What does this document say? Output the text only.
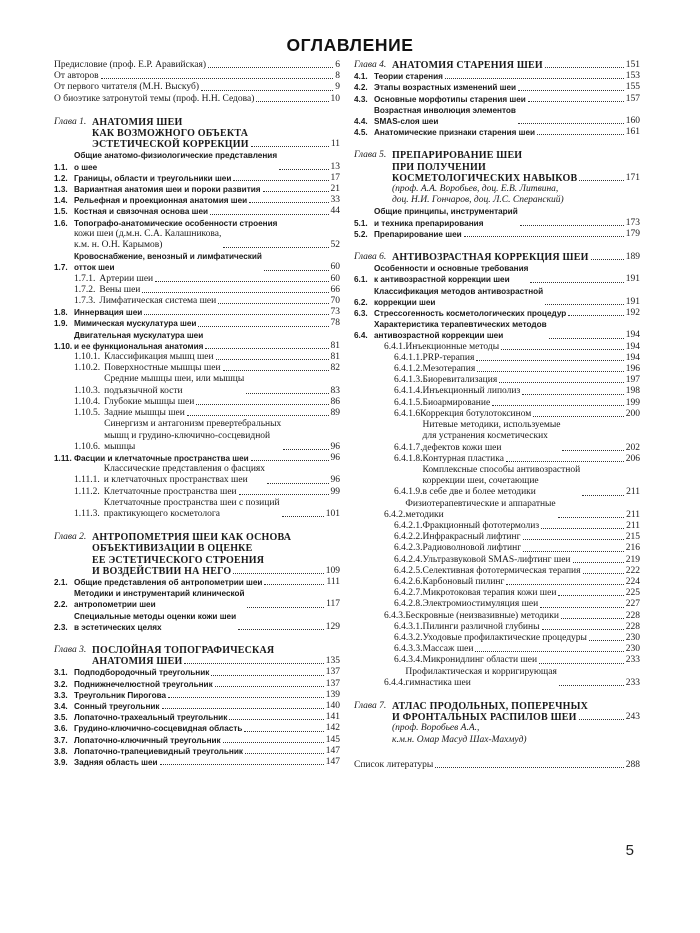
ОГЛАВЛЕНИЕ
Предисловие (проф. Е.Р. Аравийская)	6
От авторов	8
От первого читателя (М.Н. Выскуб)	9
О биоэтике затронутой темы (проф. Н.Н. Седова)	10
Глава 1. АНАТОМИЯ ШЕИ
КАК ВОЗМОЖНОГО ОБЪЕКТА
ЭСТЕТИЧЕСКОЙ КОРРЕКЦИИ	11
1.1.
Общие анатомо-физиологические представления
о шее	13
1.2. Границы, области и треугольники шеи	17
1.3. Вариантная анатомия шеи и пороки развития	21
1.4. Рельефная и проекционная анатомия шеи	33
1.5. Костная и связочная основа шеи	44
1.6. Топографо-анатомические особенности строения
кожи шеи (д.м.н. С.А. Калашникова,
к.м. н. О.Н. Карымов)	52
1.7.
Кровоснабжение, венозный и лимфатический
отток шеи	60
1.7.1. Артерии шеи	60
1.7.2. Вены шеи	66
1.7.3. Лимфатическая система шеи	70
1.8. Иннервация шеи	73
1.9. Мимическая мускулатура шеи	78
1.10.
Двигательная мускулатура шеи
и ее функциональная анатомия	81
1.10.1. Классификация мышц шеи	81
1.10.2. Поверхностные мышцы шеи	82
1.10.3.
Средние мышцы шеи, или мышцы
подъязычной кости	83
1.10.4. Глубокие мышцы шеи	86
1.10.5. Задние мышцы шеи	89
1.10.6.
Синергизм и антагонизм превертебральных
мышц и грудино-ключично-сосцевидной
мышцы	96
1.11. Фасции и клетчаточные пространства шеи	96
1.11.1.
Классические представления о фасциях
и клетчаточных пространствах шеи	96
1.11.2. Клетчаточные пространства шеи	99
1.11.3.
Клетчаточные пространства шеи с позиций
практикующего косметолога	101
Глава 2. АНТРОПОМЕТРИЯ ШЕИ КАК ОСНОВА
ОБЪЕКТИВИЗАЦИИ В ОЦЕНКЕ
ЕЕ ЭСТЕТИЧЕСКОГО СТРОЕНИЯ
И ВОЗДЕЙСТВИИ НА НЕГО	109
2.1. Общие представления об антропометрии шеи	111
2.2.
Методики и инструментарий клинической
антропометрии шеи	117
2.3.
Специальные методы оценки кожи шеи
в эстетических целях	129
Глава 3. ПОСЛОЙНАЯ ТОПОГРАФИЧЕСКАЯ
АНАТОМИЯ ШЕИ	135
3.1. Подподбородочный треугольник	137
3.2. Поднижнечелюстной треугольник	137
3.3. Треугольник Пирогова	139
3.4. Сонный треугольник	140
3.5. Лопаточно-трахеальный треугольник	141
3.6. Грудино-ключично-сосцевидная область	142
3.7. Лопаточно-ключичный треугольник	145
3.8. Лопаточно-трапециевидный треугольник	147
3.9. Задняя область шеи	147
Глава 4. АНАТОМИЯ СТАРЕНИЯ ШЕИ	151
4.1. Теории старения	153
4.2. Этапы возрастных изменений шеи	155
4.3. Основные морфотипы старения шеи	157
4.4.
Возрастная инволюция элементов
SMAS-слоя шеи	160
4.5. Анатомические признаки старения шеи	161
Глава 5. ПРЕПАРИРОВАНИЕ ШЕИ
ПРИ ПОЛУЧЕНИИ
КОСМЕТОЛОГИЧЕСКИХ НАВЫКОВ	171
(проф. А.А. Воробьев, доц. Е.В. Литвина,
доц. Н.И. Гончаров, доц. Л.С. Сперанский)
5.1.
Общие принципы, инструментарий
и техника препарирования	173
5.2. Препарирование шеи	179
Глава 6. АНТИВОЗРАСТНАЯ КОРРЕКЦИЯ ШЕИ	189
6.1.
Особенности и основные требования
к антивозрастной коррекции шеи	191
6.2.
Классификация методов антивозрастной
коррекции шеи	191
6.3. Стрессогенность косметологических процедур	192
6.4.
Характеристика терапевтических методов
антивозрастной коррекции шеи	194
6.4.1. Инъекционные методы	194
6.4.1.1. PRP-терапия	194
6.4.1.2. Мезотерапия	196
6.4.1.3. Биоревитализация	197
6.4.1.4. Инъекционный липолиз	198
6.4.1.5. Биоармирование	199
6.4.1.6 Коррекция ботулотоксином	200
6.4.1.7.
Нитевые методики, используемые
для устранения косметических
дефектов кожи шеи	202
6.4.1.8. Контурная пластика	206
6.4.1.9.
Комплексные способы антивозрастной
коррекции шеи, сочетающие
в себе две и более методики	211
6.4.2.
Физиотерапевтические и аппаратные
методики	211
6.4.2.1. Фракционный фототермолиз	211
6.4.2.2. Инфракрасный лифтинг	215
6.4.2.3. Радиоволновой лифтинг	216
6.4.2.4. Ультразвуковой SMAS-лифтинг шеи	219
6.4.2.5. Селективная фототермическая терапия	222
6.4.2.6. Карбоновый пилинг	224
6.4.2.7. Микротоковая терапия кожи шеи	225
6.4.2.8. Электромиостимуляция шеи	227
6.4.3. Бескровные (неизвазивные) методики	228
6.4.3.1. Пилинги различной глубины	228
6.4.3.2. Уходовые профилактические процедуры	230
6.4.3.3. Массаж шеи	230
6.4.3.4. Микронидлинг области шеи	233
6.4.4.
Профилактическая и корригирующая
гимнастика шеи	233
Глава 7. АТЛАС ПРОДОЛЬНЫХ, ПОПЕРЕЧНЫХ
И ФРОНТАЛЬНЫХ РАСПИЛОВ ШЕИ	243
(проф. Воробьев А.А.,
к.м.н. Омар Масуд Шах-Махмуд)
Список литературы	288
5
